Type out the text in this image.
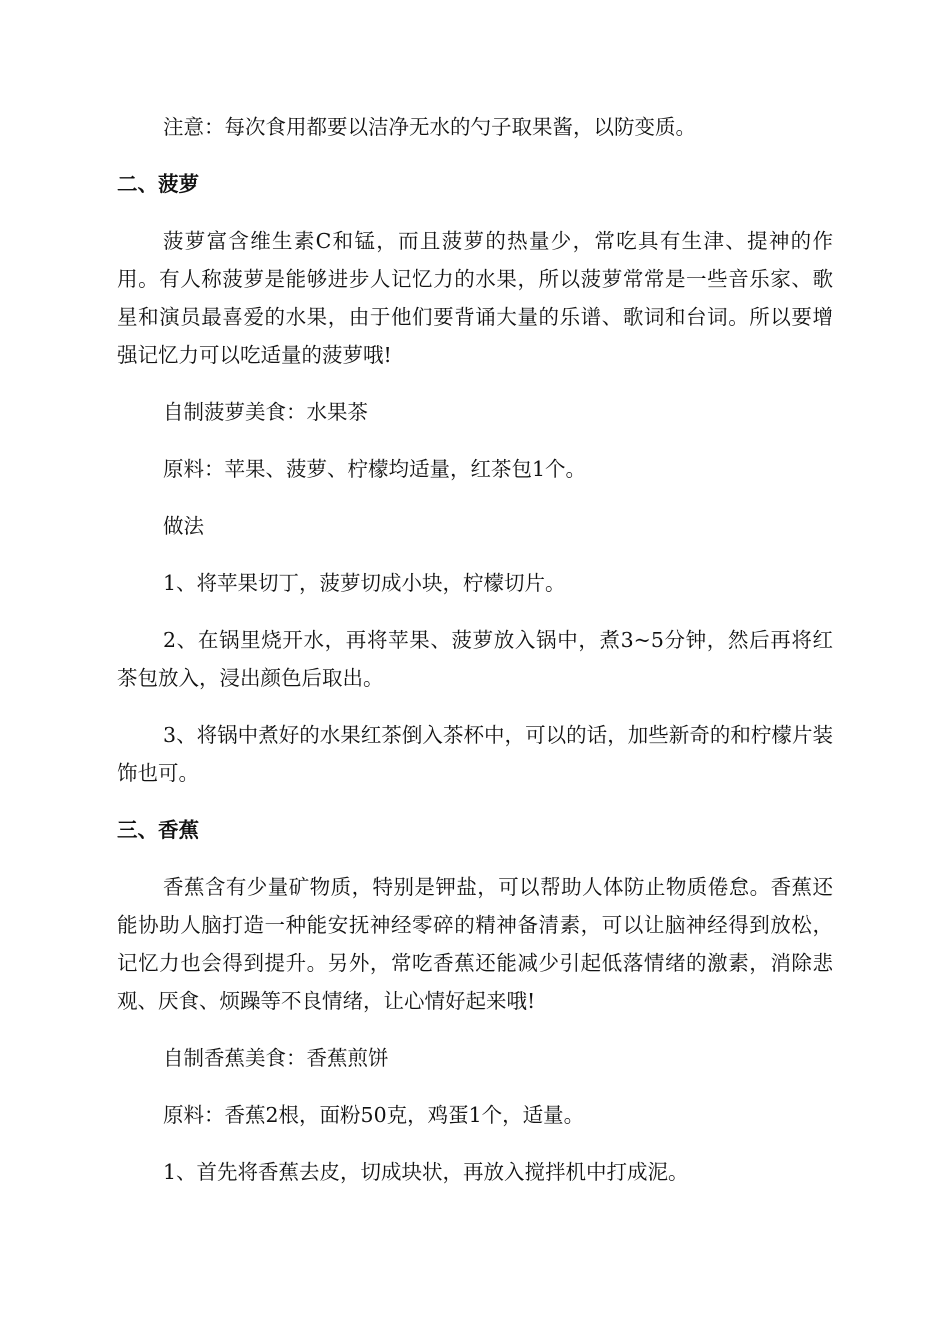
注意：每次食用都要以洁净无水的勺子取果酱，以防变质。

二、菠萝

菠萝富含维生素C和锰，而且菠萝的热量少，常吃具有生津、提神的作用。有人称菠萝是能够进步人记忆力的水果，所以菠萝常常是一些音乐家、歌星和演员最喜爱的水果，由于他们要背诵大量的乐谱、歌词和台词。所以要增强记忆力可以吃适量的菠萝哦!

自制菠萝美食：水果茶

原料：苹果、菠萝、柠檬均适量，红茶包1个。

做法

1、将苹果切丁，菠萝切成小块，柠檬切片。

2、在锅里烧开水，再将苹果、菠萝放入锅中，煮3~5分钟，然后再将红茶包放入，浸出颜色后取出。

3、将锅中煮好的水果红茶倒入茶杯中，可以的话，加些新奇的和柠檬片装饰也可。

三、香蕉

香蕉含有少量矿物质，特别是钾盐，可以帮助人体防止物质倦怠。香蕉还能协助人脑打造一种能安抚神经零碎的精神备清素，可以让脑神经得到放松，记忆力也会得到提升。另外，常吃香蕉还能减少引起低落情绪的激素，消除悲观、厌食、烦躁等不良情绪，让心情好起来哦!

自制香蕉美食：香蕉煎饼

原料：香蕉2根，面粉50克，鸡蛋1个，适量。

1、首先将香蕉去皮，切成块状，再放入搅拌机中打成泥。
